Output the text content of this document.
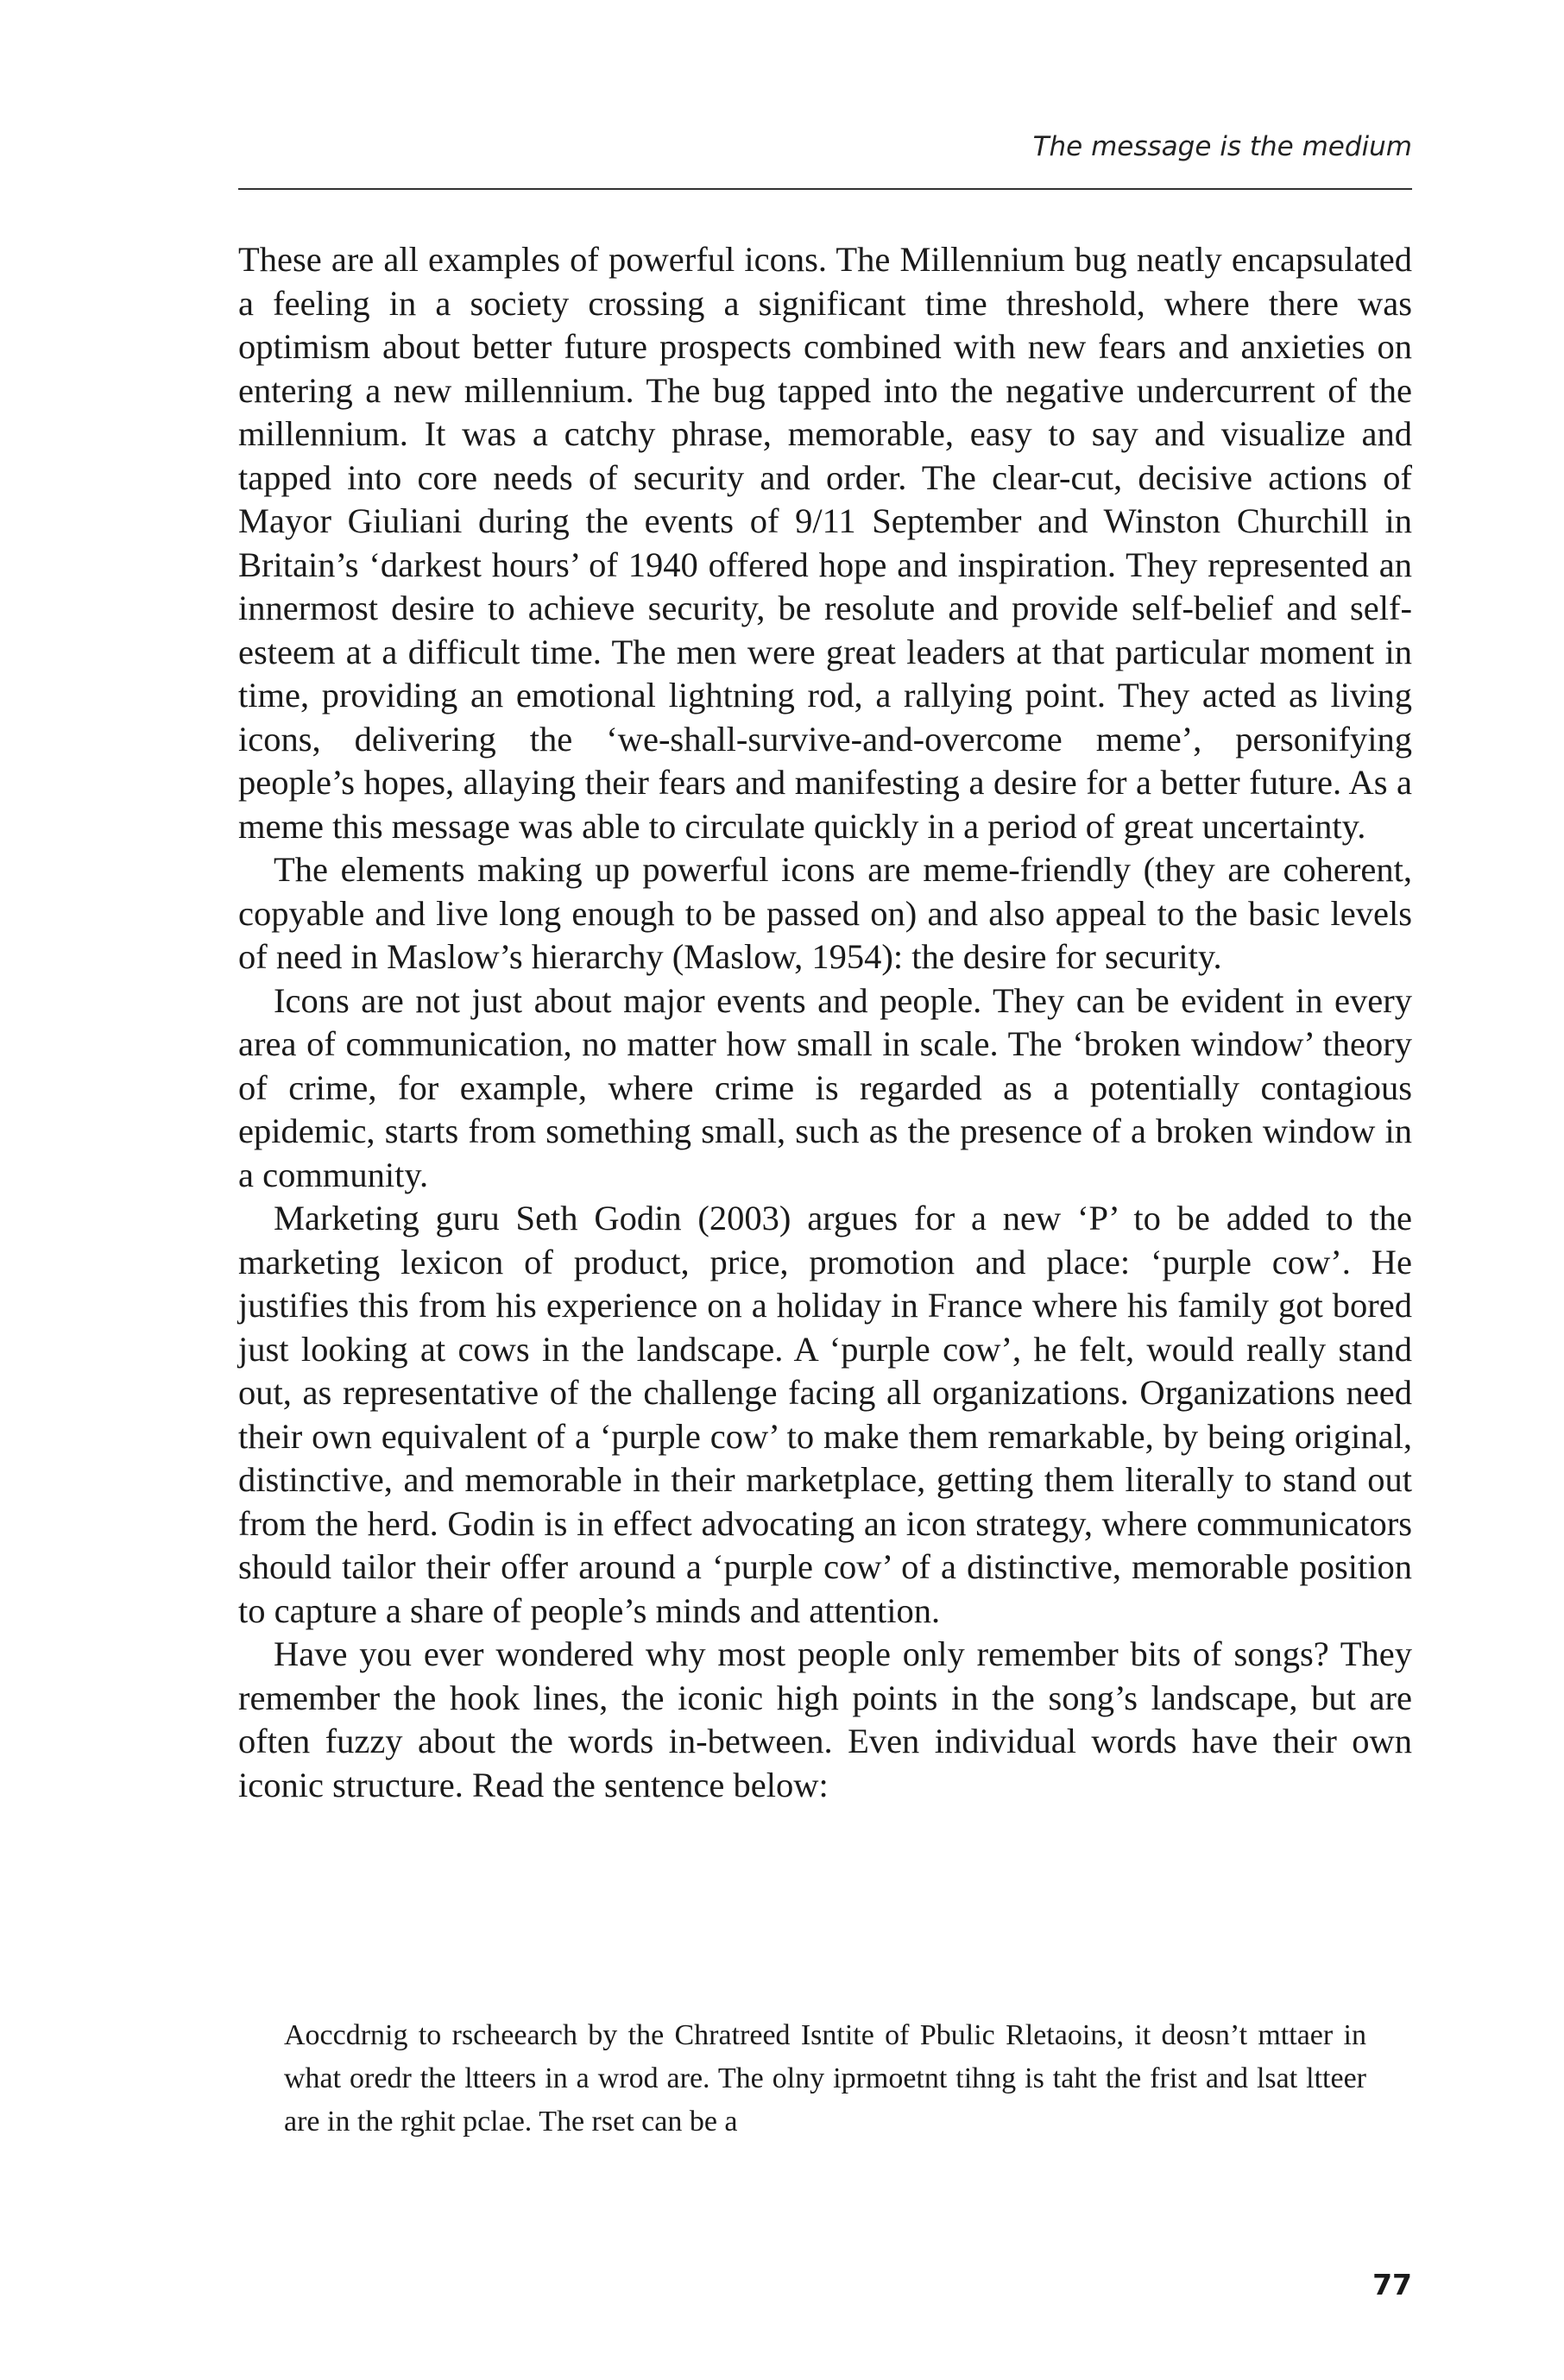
The message is the medium

These are all examples of powerful icons. The Millennium bug neatly encapsulated a feeling in a society crossing a significant time threshold, where there was optimism about better future prospects combined with new fears and anxieties on entering a new millennium. The bug tapped into the negative undercurrent of the millennium. It was a catchy phrase, memorable, easy to say and visualize and tapped into core needs of security and order. The clear-cut, decisive actions of Mayor Giuliani during the events of 9/11 September and Winston Churchill in Britain’s ‘darkest hours’ of 1940 offered hope and inspiration. They represented an innermost desire to achieve security, be resolute and provide self-belief and self-esteem at a difficult time. The men were great leaders at that particular moment in time, providing an emotional lightning rod, a rallying point. They acted as living icons, delivering the ‘we-shall-survive-and-overcome meme’, personifying people’s hopes, allaying their fears and manifesting a desire for a better future. As a meme this message was able to circulate quickly in a period of great uncertainty.

The elements making up powerful icons are meme-friendly (they are coherent, copyable and live long enough to be passed on) and also appeal to the basic levels of need in Maslow’s hierarchy (Maslow, 1954): the desire for security.

Icons are not just about major events and people. They can be evident in every area of communication, no matter how small in scale. The ‘broken window’ theory of crime, for example, where crime is regarded as a potentially contagious epidemic, starts from something small, such as the presence of a broken window in a community.

Marketing guru Seth Godin (2003) argues for a new ‘P’ to be added to the marketing lexicon of product, price, promotion and place: ‘purple cow’. He justifies this from his experience on a holiday in France where his family got bored just looking at cows in the landscape. A ‘purple cow’, he felt, would really stand out, as representative of the challenge facing all organizations. Organizations need their own equivalent of a ‘purple cow’ to make them remarkable, by being original, distinctive, and memorable in their marketplace, getting them literally to stand out from the herd. Godin is in effect advocating an icon strategy, where communicators should tailor their offer around a ‘purple cow’ of a distinctive, memorable position to capture a share of people’s minds and attention.

Have you ever wondered why most people only remember bits of songs? They remember the hook lines, the iconic high points in the song’s landscape, but are often fuzzy about the words in-between. Even individual words have their own iconic structure. Read the sentence below:

Aoccdrnig to rscheearch by the Chratreed Isntite of Pbulic Rletaoins, it deosn’t mttaer in what oredr the ltteers in a wrod are. The olny iprmoetnt tihng is taht the frist and lsat ltteer are in the rghit pclae. The rset can be a

77
